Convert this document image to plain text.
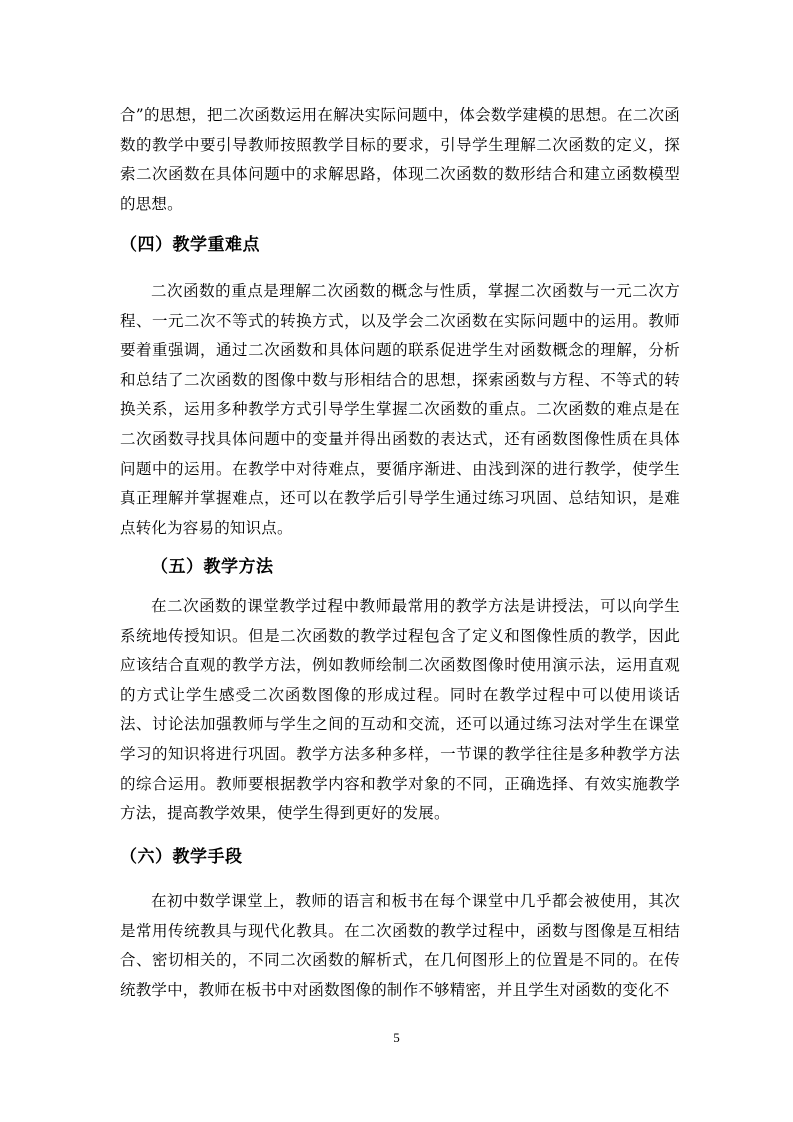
合”的思想，把二次函数运用在解决实际问题中，体会数学建模的思想。在二次函数的教学中要引导教师按照教学目标的要求，引导学生理解二次函数的定义，探索二次函数在具体问题中的求解思路，体现二次函数的数形结合和建立函数模型的思想。

（四）教学重难点

二次函数的重点是理解二次函数的概念与性质，掌握二次函数与一元二次方程、一元二次不等式的转换方式，以及学会二次函数在实际问题中的运用。教师要着重强调，通过二次函数和具体问题的联系促进学生对函数概念的理解，分析和总结了二次函数的图像中数与形相结合的思想，探索函数与方程、不等式的转换关系，运用多种教学方式引导学生掌握二次函数的重点。二次函数的难点是在二次函数寻找具体问题中的变量并得出函数的表达式，还有函数图像性质在具体问题中的运用。在教学中对待难点，要循序渐进、由浅到深的进行教学，使学生真正理解并掌握难点，还可以在教学后引导学生通过练习巩固、总结知识，是难点转化为容易的知识点。

（五）教学方法

在二次函数的课堂教学过程中教师最常用的教学方法是讲授法，可以向学生系统地传授知识。但是二次函数的教学过程包含了定义和图像性质的教学，因此应该结合直观的教学方法，例如教师绘制二次函数图像时使用演示法，运用直观的方式让学生感受二次函数图像的形成过程。同时在教学过程中可以使用谈话法、讨论法加强教师与学生之间的互动和交流，还可以通过练习法对学生在课堂学习的知识将进行巩固。教学方法多种多样，一节课的教学往往是多种教学方法的综合运用。教师要根据教学内容和教学对象的不同，正确选择、有效实施教学方法，提高教学效果，使学生得到更好的发展。

（六）教学手段

在初中数学课堂上，教师的语言和板书在每个课堂中几乎都会被使用，其次是常用传统教具与现代化教具。在二次函数的教学过程中，函数与图像是互相结合、密切相关的，不同二次函数的解析式，在几何图形上的位置是不同的。在传统教学中，教师在板书中对函数图像的制作不够精密，并且学生对函数的变化不

5
